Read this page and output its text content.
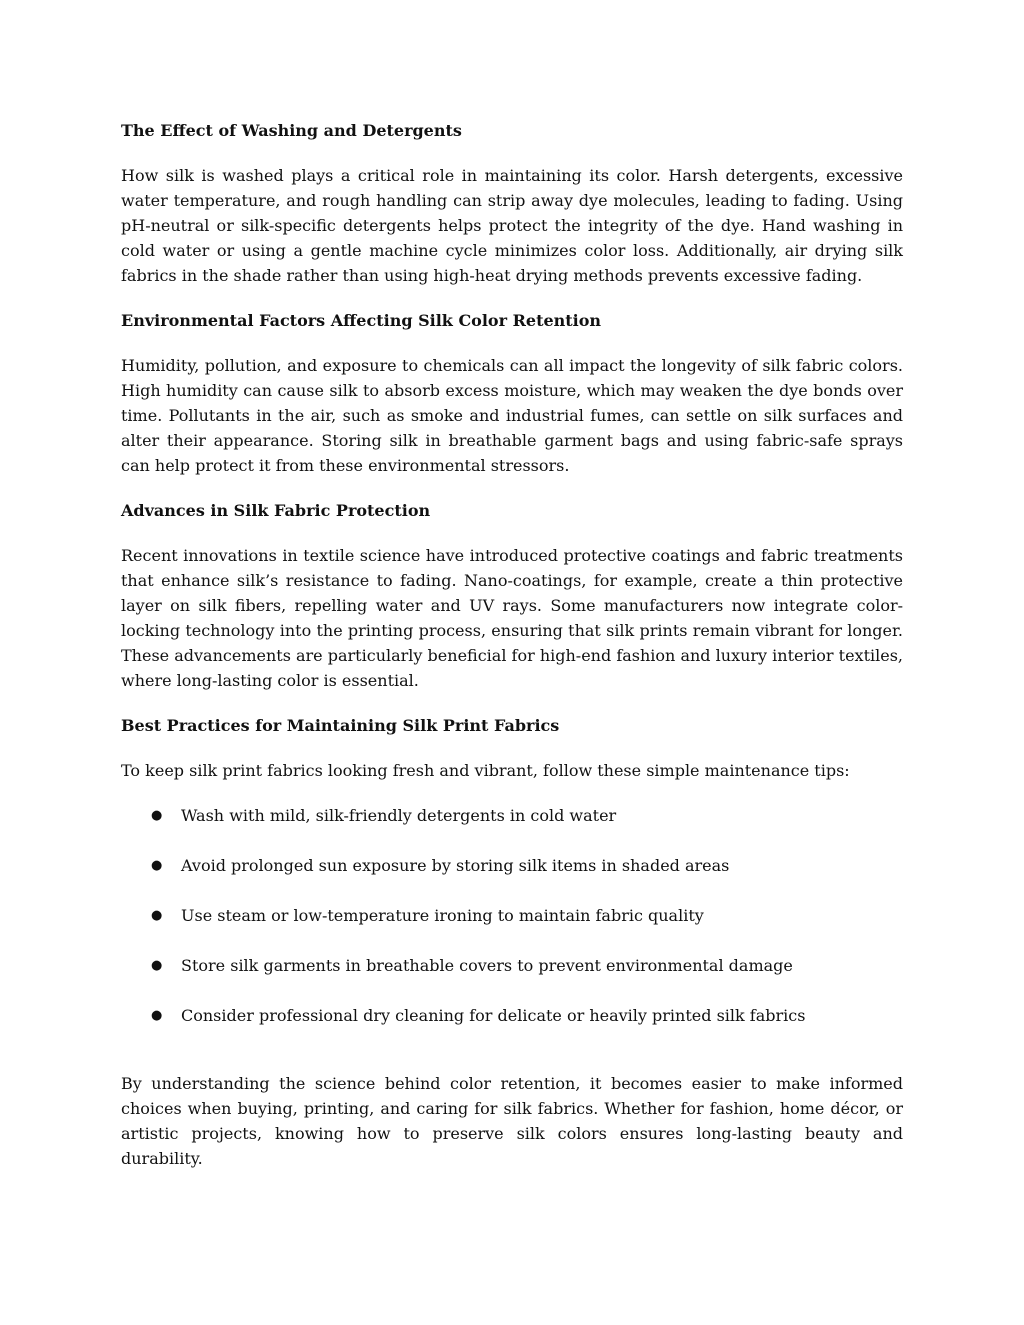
The Effect of Washing and Detergents
How silk is washed plays a critical role in maintaining its color. Harsh detergents, excessive water temperature, and rough handling can strip away dye molecules, leading to fading. Using pH-neutral or silk-specific detergents helps protect the integrity of the dye. Hand washing in cold water or using a gentle machine cycle minimizes color loss. Additionally, air drying silk fabrics in the shade rather than using high-heat drying methods prevents excessive fading.
Environmental Factors Affecting Silk Color Retention
Humidity, pollution, and exposure to chemicals can all impact the longevity of silk fabric colors. High humidity can cause silk to absorb excess moisture, which may weaken the dye bonds over time. Pollutants in the air, such as smoke and industrial fumes, can settle on silk surfaces and alter their appearance. Storing silk in breathable garment bags and using fabric-safe sprays can help protect it from these environmental stressors.
Advances in Silk Fabric Protection
Recent innovations in textile science have introduced protective coatings and fabric treatments that enhance silk’s resistance to fading. Nano-coatings, for example, create a thin protective layer on silk fibers, repelling water and UV rays. Some manufacturers now integrate color-locking technology into the printing process, ensuring that silk prints remain vibrant for longer. These advancements are particularly beneficial for high-end fashion and luxury interior textiles, where long-lasting color is essential.
Best Practices for Maintaining Silk Print Fabrics
To keep silk print fabrics looking fresh and vibrant, follow these simple maintenance tips:
● Wash with mild, silk-friendly detergents in cold water
● Avoid prolonged sun exposure by storing silk items in shaded areas
● Use steam or low-temperature ironing to maintain fabric quality
● Store silk garments in breathable covers to prevent environmental damage
● Consider professional dry cleaning for delicate or heavily printed silk fabrics
By understanding the science behind color retention, it becomes easier to make informed choices when buying, printing, and caring for silk fabrics. Whether for fashion, home décor, or artistic projects, knowing how to preserve silk colors ensures long-lasting beauty and durability.
